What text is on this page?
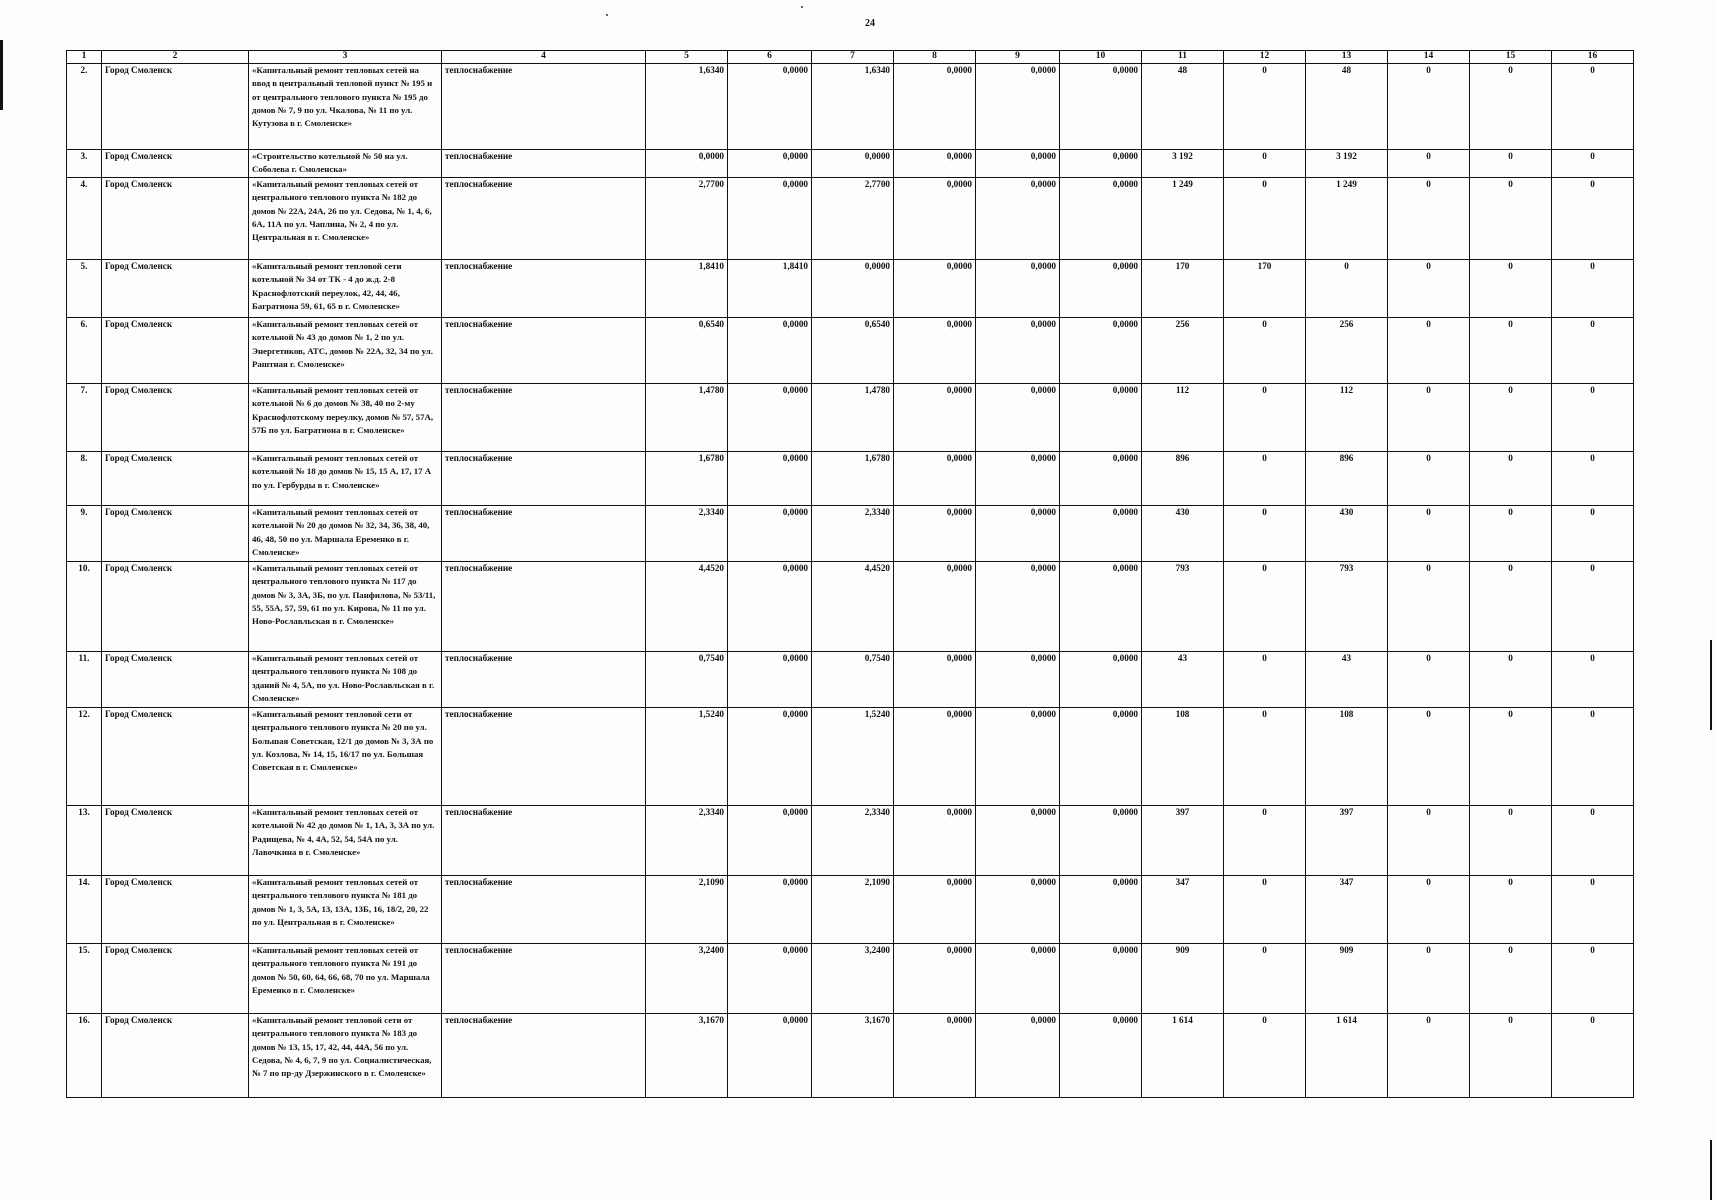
24
1	2	3	4	5	6	7	8	9	10	11	12	13	14	15	16
2.	Город Смоленск	«Капитальный ремонт тепловых сетей на ввод в центральный тепловой пункт № 195 и от центрального теплового пункта № 195 до домов № 7, 9 по ул. Чкалова, № 11 по ул. Кутузова в г. Смоленске»	теплоснабжение	1,6340	0,0000	1,6340	0,0000	0,0000	0,0000	48	0	48	0	0	0
3.	Город Смоленск	«Строительство котельной № 50 на ул. Соболева г. Смоленска»	теплоснабжение	0,0000	0,0000	0,0000	0,0000	0,0000	0,0000	3 192	0	3 192	0	0	0
4.	Город Смоленск	«Капитальный ремонт тепловых сетей от центрального теплового пункта № 182 до домов № 22А, 24А, 26 по ул. Седова, № 1, 4, 6, 6А, 11А по ул. Чаплина, № 2, 4 по ул. Центральная в г. Смоленске»	теплоснабжение	2,7700	0,0000	2,7700	0,0000	0,0000	0,0000	1 249	0	1 249	0	0	0
5.	Город Смоленск	«Капитальный ремонт тепловой сети котельной № 34 от ТК - 4 до ж.д. 2-8 Краснофлотский переулок, 42, 44, 46, Багратиона 59, 61, 65 в г. Смоленске»	теплоснабжение	1,8410	1,8410	0,0000	0,0000	0,0000	0,0000	170	170	0	0	0	0
6.	Город Смоленск	«Капитальный ремонт тепловых сетей от котельной № 43 до домов № 1, 2 по ул. Энергетиков, АТС, домов № 22А, 32, 34 по ул. Раштная г. Смоленске»	теплоснабжение	0,6540	0,0000	0,6540	0,0000	0,0000	0,0000	256	0	256	0	0	0
7.	Город Смоленск	«Капитальный ремонт тепловых сетей от котельной № 6 до домов № 38, 40 по 2-му Краснофлотскому переулку, домов № 57, 57А, 57Б по ул. Багратиона в г. Смоленске»	теплоснабжение	1,4780	0,0000	1,4780	0,0000	0,0000	0,0000	112	0	112	0	0	0
8.	Город Смоленск	«Капитальный ремонт тепловых сетей от котельной № 18 до домов № 15, 15 А, 17, 17 А по ул. Гербурды в г. Смоленске»	теплоснабжение	1,6780	0,0000	1,6780	0,0000	0,0000	0,0000	896	0	896	0	0	0
9.	Город Смоленск	«Капитальный ремонт тепловых сетей от котельной № 20 до домов № 32, 34, 36, 38, 40, 46, 48, 50 по ул. Маршала Еременко в г. Смоленске»	теплоснабжение	2,3340	0,0000	2,3340	0,0000	0,0000	0,0000	430	0	430	0	0	0
10.	Город Смоленск	«Капитальный ремонт тепловых сетей от центрального теплового пункта № 117 до домов № 3, 3А, 3Б, по ул. Панфилова, № 53/11, 55, 55А, 57, 59, 61 по ул. Кирова, № 11 по ул. Ново-Рославльская в г. Смоленске»	теплоснабжение	4,4520	0,0000	4,4520	0,0000	0,0000	0,0000	793	0	793	0	0	0
11.	Город Смоленск	«Капитальный ремонт тепловых сетей от центрального теплового пункта № 108 до зданий № 4, 5А, по ул. Ново-Рославльская в г. Смоленске»	теплоснабжение	0,7540	0,0000	0,7540	0,0000	0,0000	0,0000	43	0	43	0	0	0
12.	Город Смоленск	«Капитальный ремонт тепловой сети от центрального теплового пункта № 20 по ул. Большая Советская, 12/1 до домов № 3, 3А по ул. Козлова, № 14, 15, 16/17 по ул. Большая Советская в г. Смоленске»	теплоснабжение	1,5240	0,0000	1,5240	0,0000	0,0000	0,0000	108	0	108	0	0	0
13.	Город Смоленск	«Капитальный ремонт тепловых сетей от котельной № 42 до домов № 1, 1А, 3, 3А по ул. Радищева, № 4, 4А, 52, 54, 54А по ул. Лавочкина в г. Смоленске»	теплоснабжение	2,3340	0,0000	2,3340	0,0000	0,0000	0,0000	397	0	397	0	0	0
14.	Город Смоленск	«Капитальный ремонт тепловых сетей от центрального теплового пункта № 181 до домов № 1, 3, 5А, 13, 13А, 13Б, 16, 18/2, 20, 22 по ул. Центральная в г. Смоленске»	теплоснабжение	2,1090	0,0000	2,1090	0,0000	0,0000	0,0000	347	0	347	0	0	0
15.	Город Смоленск	«Капитальный ремонт тепловых сетей от центрального теплового пункта № 191 до домов № 50, 60, 64, 66, 68, 70 по ул. Маршала Еременко в г. Смоленске»	теплоснабжение	3,2400	0,0000	3,2400	0,0000	0,0000	0,0000	909	0	909	0	0	0
16.	Город Смоленск	«Капитальный ремонт тепловой сети от центрального теплового пункта № 183 до домов № 13, 15, 17, 42, 44, 44А, 56 по ул. Седова, № 4, 6, 7, 9 по ул. Социалистическая, № 7 по пр-ду Дзержинского в г. Смоленске»	теплоснабжение	3,1670	0,0000	3,1670	0,0000	0,0000	0,0000	1 614	0	1 614	0	0	0
